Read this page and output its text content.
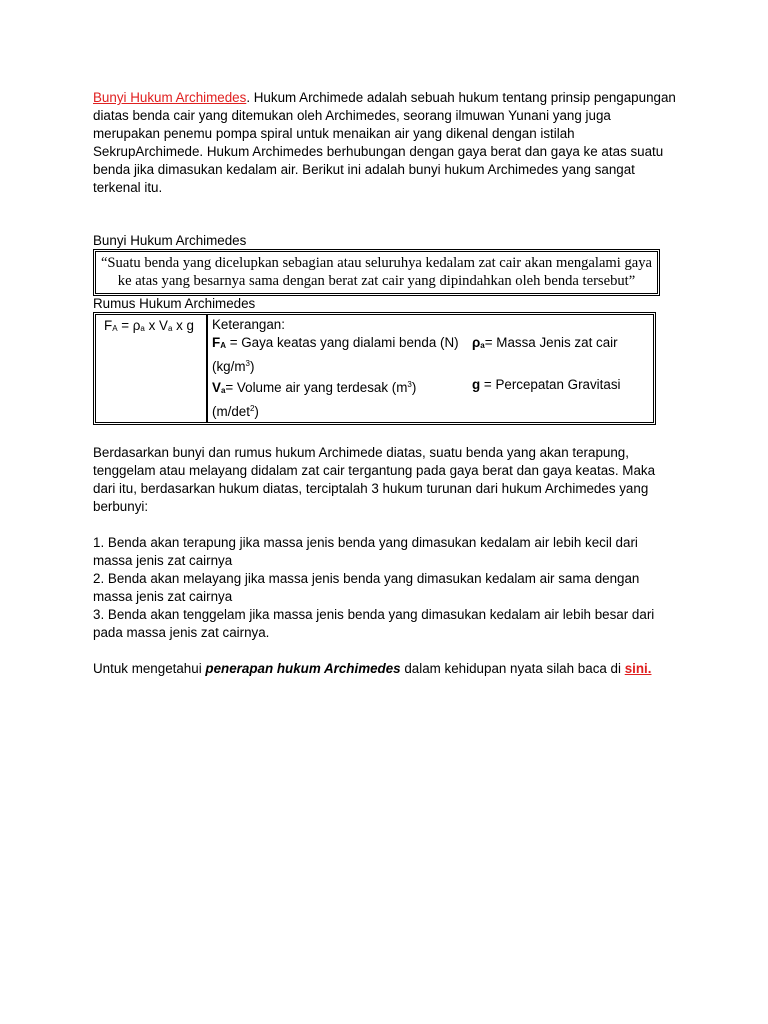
Bunyi Hukum Archimedes. Hukum Archimede adalah sebuah hukum tentang prinsip pengapungan diatas benda cair yang ditemukan oleh Archimedes, seorang ilmuwan Yunani yang juga merupakan penemu pompa spiral untuk menaikan air yang dikenal dengan istilah SekrupArchimede. Hukum Archimedes berhubungan dengan gaya berat dan gaya ke atas suatu benda jika dimasukan kedalam air. Berikut ini adalah bunyi hukum Archimedes yang sangat terkenal itu.

Bunyi Hukum Archimedes

“Suatu benda yang dicelupkan sebagian atau seluruhya kedalam zat cair akan mengalami gaya ke atas yang besarnya sama dengan berat zat cair yang dipindahkan oleh benda tersebut”

Rumus Hukum Archimedes

$F_A = \rho_a$ x $V_a$ x g	Keterangan:
$F_A$ = Gaya keatas yang dialami benda (N)	$\rho_a=$ Massa Jenis zat cair
$(kg/m^3)$
$V_a=$ Volume air yang terdesak $(m^3)$	g = Percepatan Gravitasi
$(m/\det^2)$

Berdasarkan bunyi dan rumus hukum Archimede diatas, suatu benda yang akan terapung, tenggelam atau melayang didalam zat cair tergantung pada gaya berat dan gaya keatas. Maka dari itu, berdasarkan hukum diatas, terciptalah 3 hukum turunan dari hukum Archimedes yang berbunyi:

1. Benda akan terapung jika massa jenis benda yang dimasukan kedalam air lebih kecil dari massa jenis zat cairnya

2. Benda akan melayang jika massa jenis benda yang dimasukan kedalam air sama dengan massa jenis zat cairnya

3. Benda akan tenggelam jika massa jenis benda yang dimasukan kedalam air lebih besar dari pada massa jenis zat cairnya.

Untuk mengetahui penerapan hukum Archimedes dalam kehidupan nyata silah baca di sini.
